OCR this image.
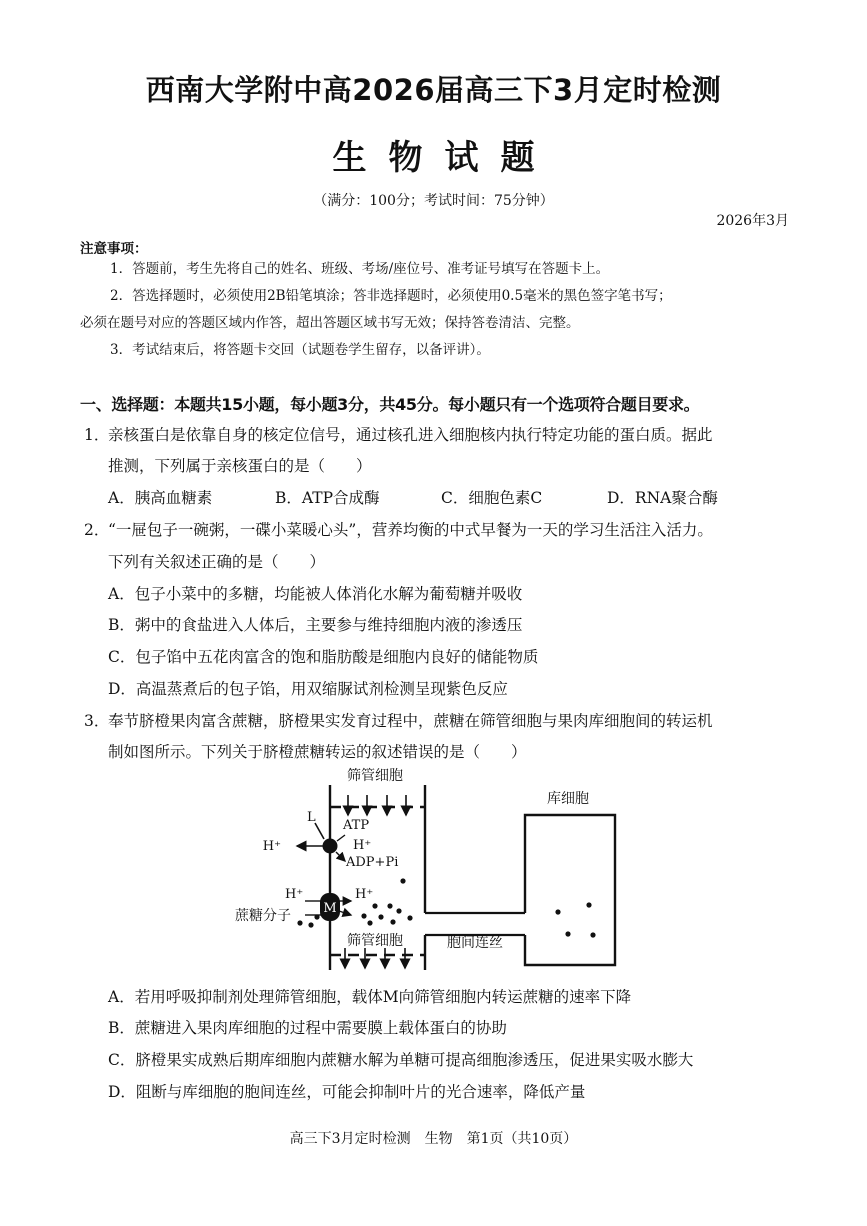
西南大学附中高2026届高三下3月定时检测
生物试题
（满分：100分；考试时间：75分钟）
2026年3月
注意事项：
1．答题前，考生先将自己的姓名、班级、考场/座位号、准考证号填写在答题卡上。
2．答选择题时，必须使用2B铅笔填涂；答非选择题时，必须使用0.5毫米的黑色签字笔书写；
必须在题号对应的答题区域内作答，超出答题区域书写无效；保持答卷清洁、完整。
3．考试结束后，将答题卡交回（试题卷学生留存，以备评讲）。
一、选择题：本题共15小题，每小题3分，共45分。每小题只有一个选项符合题目要求。
1．亲核蛋白是依靠自身的核定位信号，通过核孔进入细胞核内执行特定功能的蛋白质。据此
推测，下列属于亲核蛋白的是（　　）
A．胰高血糖素	B．ATP合成酶	C．细胞色素C	D．RNA聚合酶
2．“一屉包子一碗粥，一碟小菜暖心头”，营养均衡的中式早餐为一天的学习生活注入活力。
下列有关叙述正确的是（　　）
A．包子小菜中的多糖，均能被人体消化水解为葡萄糖并吸收
B．粥中的食盐进入人体后，主要参与维持细胞内液的渗透压
C．包子馅中五花肉富含的饱和脂肪酸是细胞内良好的储能物质
D．高温蒸煮后的包子馅，用双缩脲试剂检测呈现紫色反应
3．奉节脐橙果肉富含蔗糖，脐橙果实发育过程中，蔗糖在筛管细胞与果肉库细胞间的转运机
制如图所示。下列关于脐橙蔗糖转运的叙述错误的是（　　）
筛管细胞
库细胞
筛管细胞	胞间连丝
蔗糖分子
L
ATP
H⁺
H⁺
ADP+Pi
H⁺	H⁺
M
A．若用呼吸抑制剂处理筛管细胞，载体M向筛管细胞内转运蔗糖的速率下降
B．蔗糖进入果肉库细胞的过程中需要膜上载体蛋白的协助
C．脐橙果实成熟后期库细胞内蔗糖水解为单糖可提高细胞渗透压，促进果实吸水膨大
D．阻断与库细胞的胞间连丝，可能会抑制叶片的光合速率，降低产量
高三下3月定时检测　生物　第1页（共10页）
